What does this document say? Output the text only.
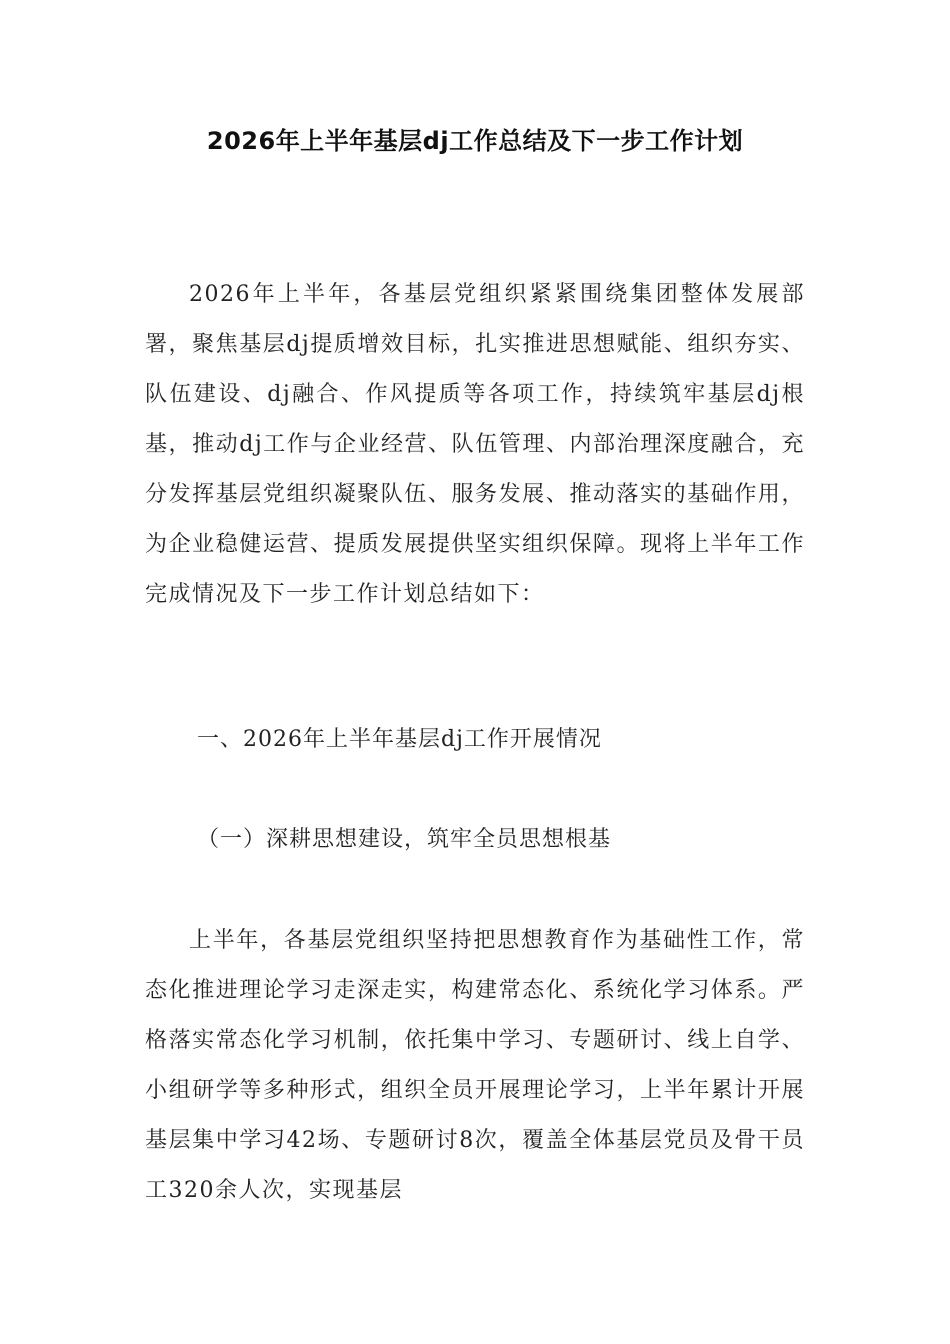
2026年上半年基层dj工作总结及下一步工作计划

2026年上半年，各基层党组织紧紧围绕集团整体发展部署，聚焦基层dj提质增效目标，扎实推进思想赋能、组织夯实、队伍建设、dj融合、作风提质等各项工作，持续筑牢基层dj根基，推动dj工作与企业经营、队伍管理、内部治理深度融合，充分发挥基层党组织凝聚队伍、服务发展、推动落实的基础作用，为企业稳健运营、提质发展提供坚实组织保障。现将上半年工作完成情况及下一步工作计划总结如下：

一、2026年上半年基层dj工作开展情况
（一）深耕思想建设，筑牢全员思想根基

上半年，各基层党组织坚持把思想教育作为基础性工作，常态化推进理论学习走深走实，构建常态化、系统化学习体系。严格落实常态化学习机制，依托集中学习、专题研讨、线上自学、小组研学等多种形式，组织全员开展理论学习，上半年累计开展基层集中学习42场、专题研讨8次，覆盖全体基层党员及骨干员工320余人次，实现基层
